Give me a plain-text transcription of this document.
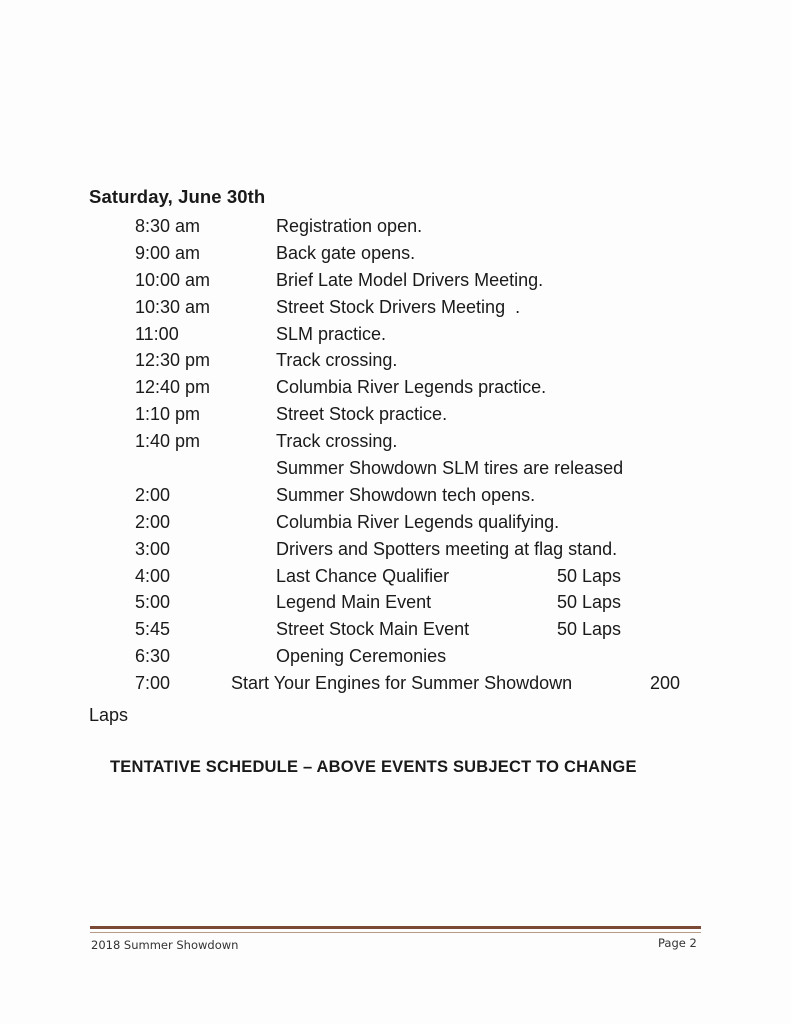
Saturday, June 30th
8:30 am	Registration open.
9:00 am	Back gate opens.
10:00 am	Brief Late Model Drivers Meeting.
10:30 am	Street Stock Drivers Meeting  .
11:00	SLM practice.
12:30 pm	Track crossing.
12:40 pm	Columbia River Legends practice.
1:10 pm	Street Stock practice.
1:40 pm	Track crossing.
Summer Showdown SLM tires are released
2:00	Summer Showdown tech opens.
2:00	Columbia River Legends qualifying.
3:00	Drivers and Spotters meeting at flag stand.
4:00	Last Chance Qualifier	50 Laps
5:00	Legend Main Event	50 Laps
5:45	Street Stock Main Event	50 Laps
6:30	Opening Ceremonies
7:00	Start Your Engines for Summer Showdown	200
Laps
TENTATIVE SCHEDULE – ABOVE EVENTS SUBJECT TO CHANGE
2018 Summer Showdown	Page 2
